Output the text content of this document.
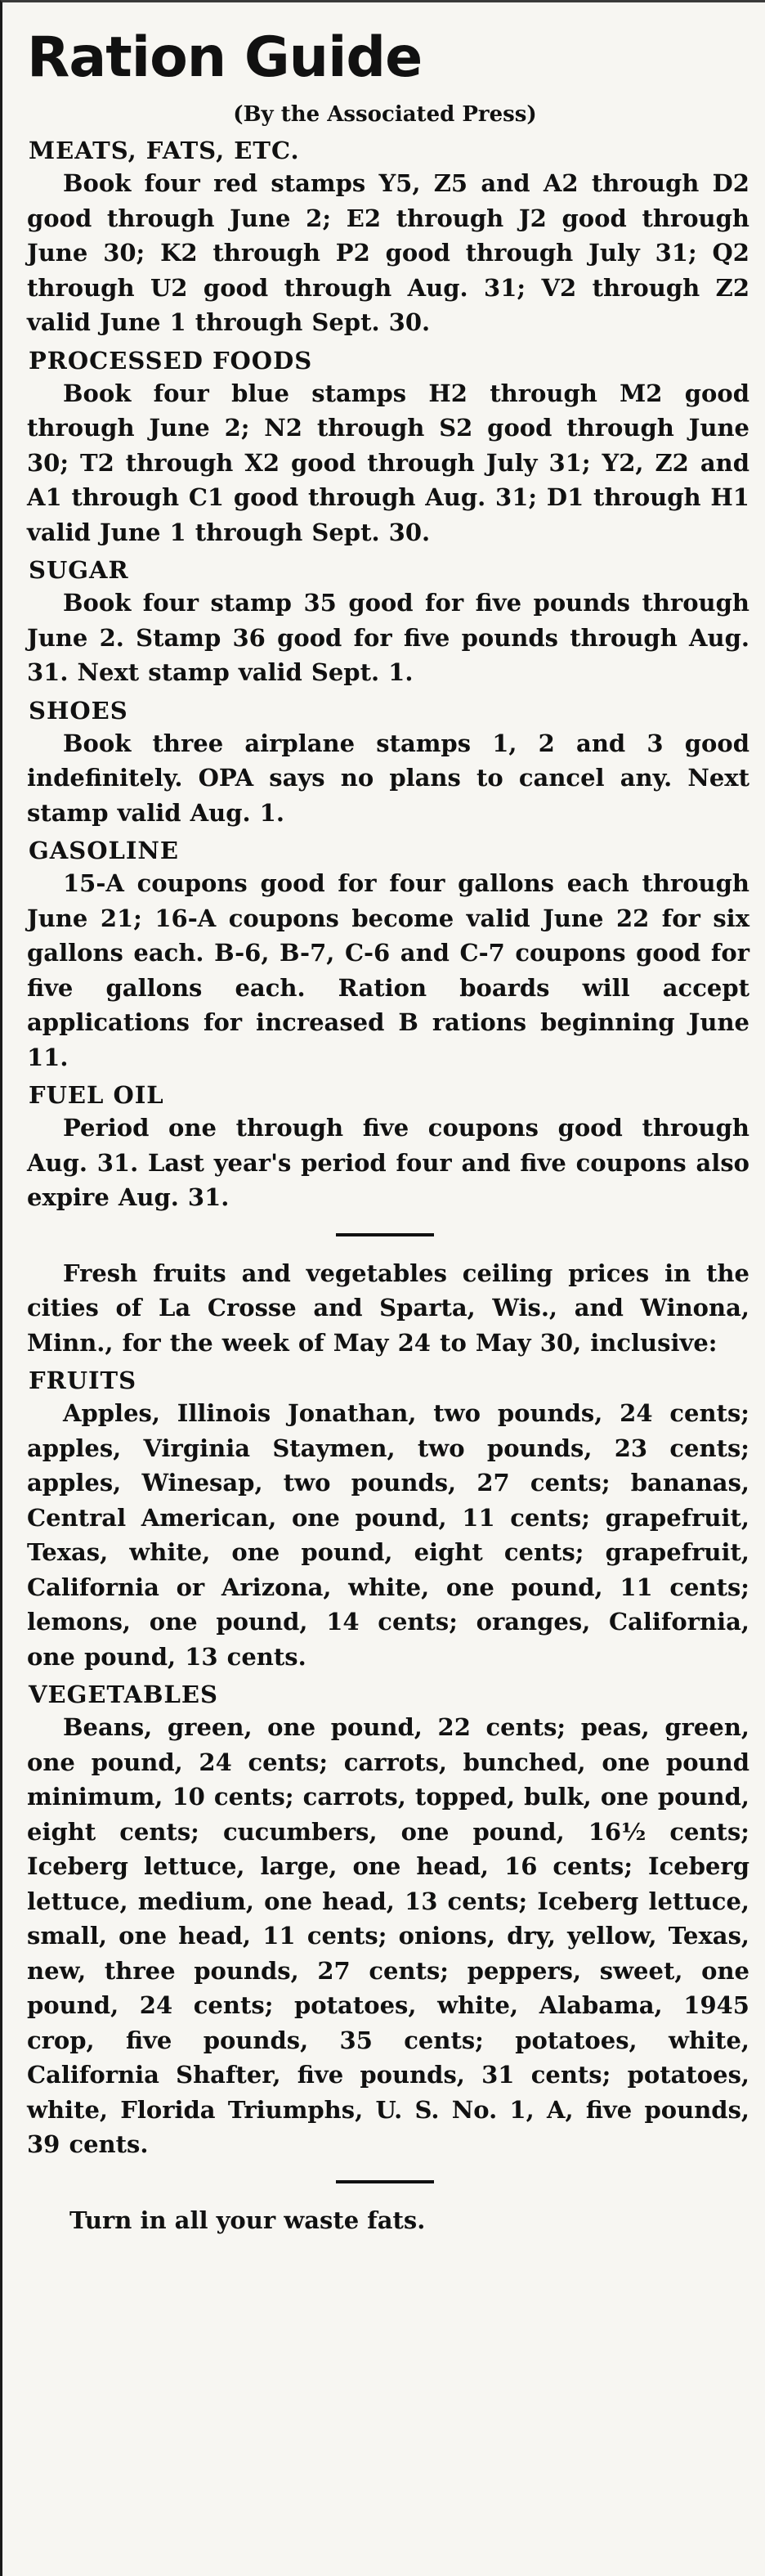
Ration Guide
(By the Associated Press)
MEATS, FATS, ETC.
Book four red stamps Y5, Z5 and A2 through D2 good through June 2; E2 through J2 good through June 30; K2 through P2 good through July 31; Q2 through U2 good through Aug. 31; V2 through Z2 valid June 1 through Sept. 30.
PROCESSED FOODS
Book four blue stamps H2 through M2 good through June 2; N2 through S2 good through June 30; T2 through X2 good through July 31; Y2, Z2 and A1 through C1 good through Aug. 31; D1 through H1 valid June 1 through Sept. 30.
SUGAR
Book four stamp 35 good for five pounds through June 2. Stamp 36 good for five pounds through Aug. 31. Next stamp valid Sept. 1.
SHOES
Book three airplane stamps 1, 2 and 3 good indefinitely. OPA says no plans to cancel any. Next stamp valid Aug. 1.
GASOLINE
15-A coupons good for four gallons each through June 21; 16-A coupons become valid June 22 for six gallons each. B-6, B-7, C-6 and C-7 coupons good for five gallons each. Ration boards will accept applications for increased B rations beginning June 11.
FUEL OIL
Period one through five coupons good through Aug. 31. Last year's period four and five coupons also expire Aug. 31.
Fresh fruits and vegetables ceiling prices in the cities of La Crosse and Sparta, Wis., and Winona, Minn., for the week of May 24 to May 30, inclusive:
FRUITS
Apples, Illinois Jonathan, two pounds, 24 cents; apples, Virginia Staymen, two pounds, 23 cents; apples, Winesap, two pounds, 27 cents; bananas, Central American, one pound, 11 cents; grapefruit, Texas, white, one pound, eight cents; grapefruit, California or Arizona, white, one pound, 11 cents; lemons, one pound, 14 cents; oranges, California, one pound, 13 cents.
VEGETABLES
Beans, green, one pound, 22 cents; peas, green, one pound, 24 cents; carrots, bunched, one pound minimum, 10 cents; carrots, topped, bulk, one pound, eight cents; cucumbers, one pound, 16½ cents; Iceberg lettuce, large, one head, 16 cents; Iceberg lettuce, medium, one head, 13 cents; Iceberg lettuce, small, one head, 11 cents; onions, dry, yellow, Texas, new, three pounds, 27 cents; peppers, sweet, one pound, 24 cents; potatoes, white, Alabama, 1945 crop, five pounds, 35 cents; potatoes, white, California Shafter, five pounds, 31 cents; potatoes, white, Florida Triumphs, U. S. No. 1, A, five pounds, 39 cents.
Turn in all your waste fats.
